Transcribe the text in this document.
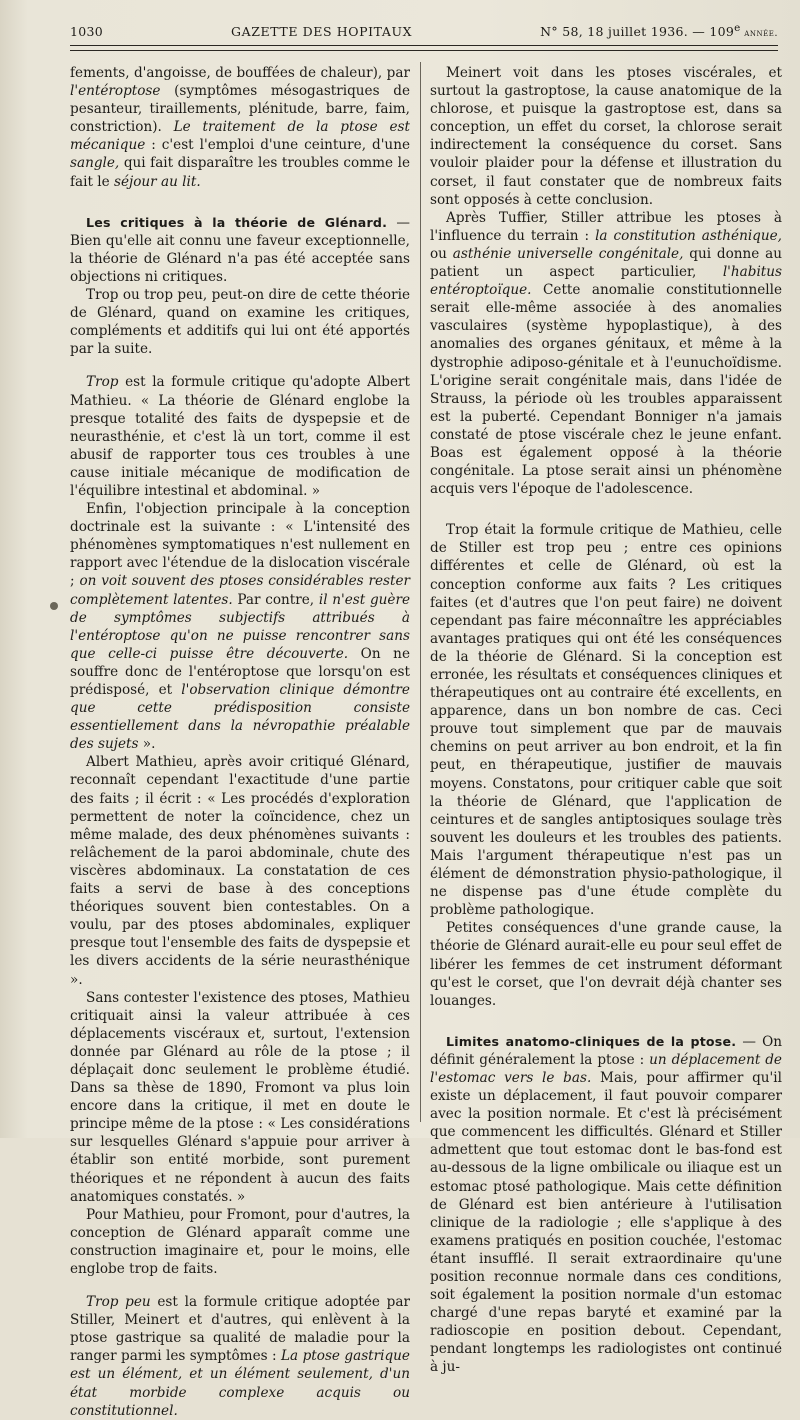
1030	GAZETTE DES HOPITAUX	N° 58, 18 juillet 1936. — 109e année.

fements, d'angoisse, de bouffées de chaleur), par l'entéroptose (symptômes mésogastriques de pesanteur, tiraillements, plénitude, barre, faim, constriction). Le traitement de la ptose est mécanique : c'est l'emploi d'une ceinture, d'une sangle, qui fait disparaître les troubles comme le fait le séjour au lit.

Les critiques à la théorie de Glénard. — Bien qu'elle ait connu une faveur exceptionnelle, la théorie de Glénard n'a pas été acceptée sans objections ni critiques.

Trop ou trop peu, peut-on dire de cette théorie de Glénard, quand on examine les critiques, compléments et additifs qui lui ont été apportés par la suite.

Trop est la formule critique qu'adopte Albert Mathieu. « La théorie de Glénard englobe la presque totalité des faits de dyspepsie et de neurasthénie, et c'est là un tort, comme il est abusif de rapporter tous ces troubles à une cause initiale mécanique de modification de l'équilibre intestinal et abdominal. »

Enfin, l'objection principale à la conception doctrinale est la suivante : « L'intensité des phénomènes symptomatiques n'est nullement en rapport avec l'étendue de la dislocation viscérale ; on voit souvent des ptoses considérables rester complètement latentes. Par contre, il n'est guère de symptômes subjectifs attribués à l'entéroptose qu'on ne puisse rencontrer sans que celle-ci puisse être découverte. On ne souffre donc de l'entéroptose que lorsqu'on est prédisposé, et l'observation clinique démontre que cette prédisposition consiste essentiellement dans la névropathie préalable des sujets ».

Albert Mathieu, après avoir critiqué Glénard, reconnaît cependant l'exactitude d'une partie des faits ; il écrit : « Les procédés d'exploration permettent de noter la coïncidence, chez un même malade, des deux phénomènes suivants : relâchement de la paroi abdominale, chute des viscères abdominaux. La constatation de ces faits a servi de base à des conceptions théoriques souvent bien contestables. On a voulu, par des ptoses abdominales, expliquer presque tout l'ensemble des faits de dyspepsie et les divers accidents de la série neurasthénique ».

Sans contester l'existence des ptoses, Mathieu critiquait ainsi la valeur attribuée à ces déplacements viscéraux et, surtout, l'extension donnée par Glénard au rôle de la ptose ; il déplaçait donc seulement le problème étudié. Dans sa thèse de 1890, Fromont va plus loin encore dans la critique, il met en doute le principe même de la ptose : « Les considérations sur lesquelles Glénard s'appuie pour arriver à établir son entité morbide, sont purement théoriques et ne répondent à aucun des faits anatomiques constatés. »

Pour Mathieu, pour Fromont, pour d'autres, la conception de Glénard apparaît comme une construction imaginaire et, pour le moins, elle englobe trop de faits.

Trop peu est la formule critique adoptée par Stiller, Meinert et d'autres, qui enlèvent à la ptose gastrique sa qualité de maladie pour la ranger parmi les symptômes : La ptose gastrique est un élément, et un élément seulement, d'un état morbide complexe acquis ou constitutionnel.

Meinert voit dans les ptoses viscérales, et surtout la gastroptose, la cause anatomique de la chlorose, et puisque la gastroptose est, dans sa conception, un effet du corset, la chlorose serait indirectement la conséquence du corset. Sans vouloir plaider pour la défense et illustration du corset, il faut constater que de nombreux faits sont opposés à cette conclusion.

Après Tuffier, Stiller attribue les ptoses à l'influence du terrain : la constitution asthénique, ou asthénie universelle congénitale, qui donne au patient un aspect particulier, l'habitus entéroptoïque. Cette anomalie constitutionnelle serait elle-même associée à des anomalies vasculaires (système hypoplastique), à des anomalies des organes génitaux, et même à la dystrophie adiposo-génitale et à l'eunuchoïdisme. L'origine serait congénitale mais, dans l'idée de Strauss, la période où les troubles apparaissent est la puberté. Cependant Bonniger n'a jamais constaté de ptose viscérale chez le jeune enfant. Boas est également opposé à la théorie congénitale. La ptose serait ainsi un phénomène acquis vers l'époque de l'adolescence.

Trop était la formule critique de Mathieu, celle de Stiller est trop peu ; entre ces opinions différentes et celle de Glénard, où est la conception conforme aux faits ? Les critiques faites (et d'autres que l'on peut faire) ne doivent cependant pas faire méconnaître les appréciables avantages pratiques qui ont été les conséquences de la théorie de Glénard. Si la conception est erronée, les résultats et conséquences cliniques et thérapeutiques ont au contraire été excellents, en apparence, dans un bon nombre de cas. Ceci prouve tout simplement que par de mauvais chemins on peut arriver au bon endroit, et la fin peut, en thérapeutique, justifier de mauvais moyens. Constatons, pour critiquer cable que soit la théorie de Glénard, que l'application de ceintures et de sangles antiptosiques soulage très souvent les douleurs et les troubles des patients. Mais l'argument thérapeutique n'est pas un élément de démonstration physio-pathologique, il ne dispense pas d'une étude complète du problème pathologique.

Petites conséquences d'une grande cause, la théorie de Glénard aurait-elle eu pour seul effet de libérer les femmes de cet instrument déformant qu'est le corset, que l'on devrait déjà chanter ses louanges.

Limites anatomo-cliniques de la ptose. — On définit généralement la ptose : un déplacement de l'estomac vers le bas. Mais, pour affirmer qu'il existe un déplacement, il faut pouvoir comparer avec la position normale. Et c'est là précisément que commencent les difficultés. Glénard et Stiller admettent que tout estomac dont le bas-fond est au-dessous de la ligne ombilicale ou iliaque est un estomac ptosé pathologique. Mais cette définition de Glénard est bien antérieure à l'utilisation clinique de la radiologie ; elle s'applique à des examens pratiqués en position couchée, l'estomac étant insufflé. Il serait extraordinaire qu'une position reconnue normale dans ces conditions, soit également la position normale d'un estomac chargé d'une repas baryté et examiné par la radioscopie en position debout. Cependant, pendant longtemps les radiologistes ont continué à ju-
